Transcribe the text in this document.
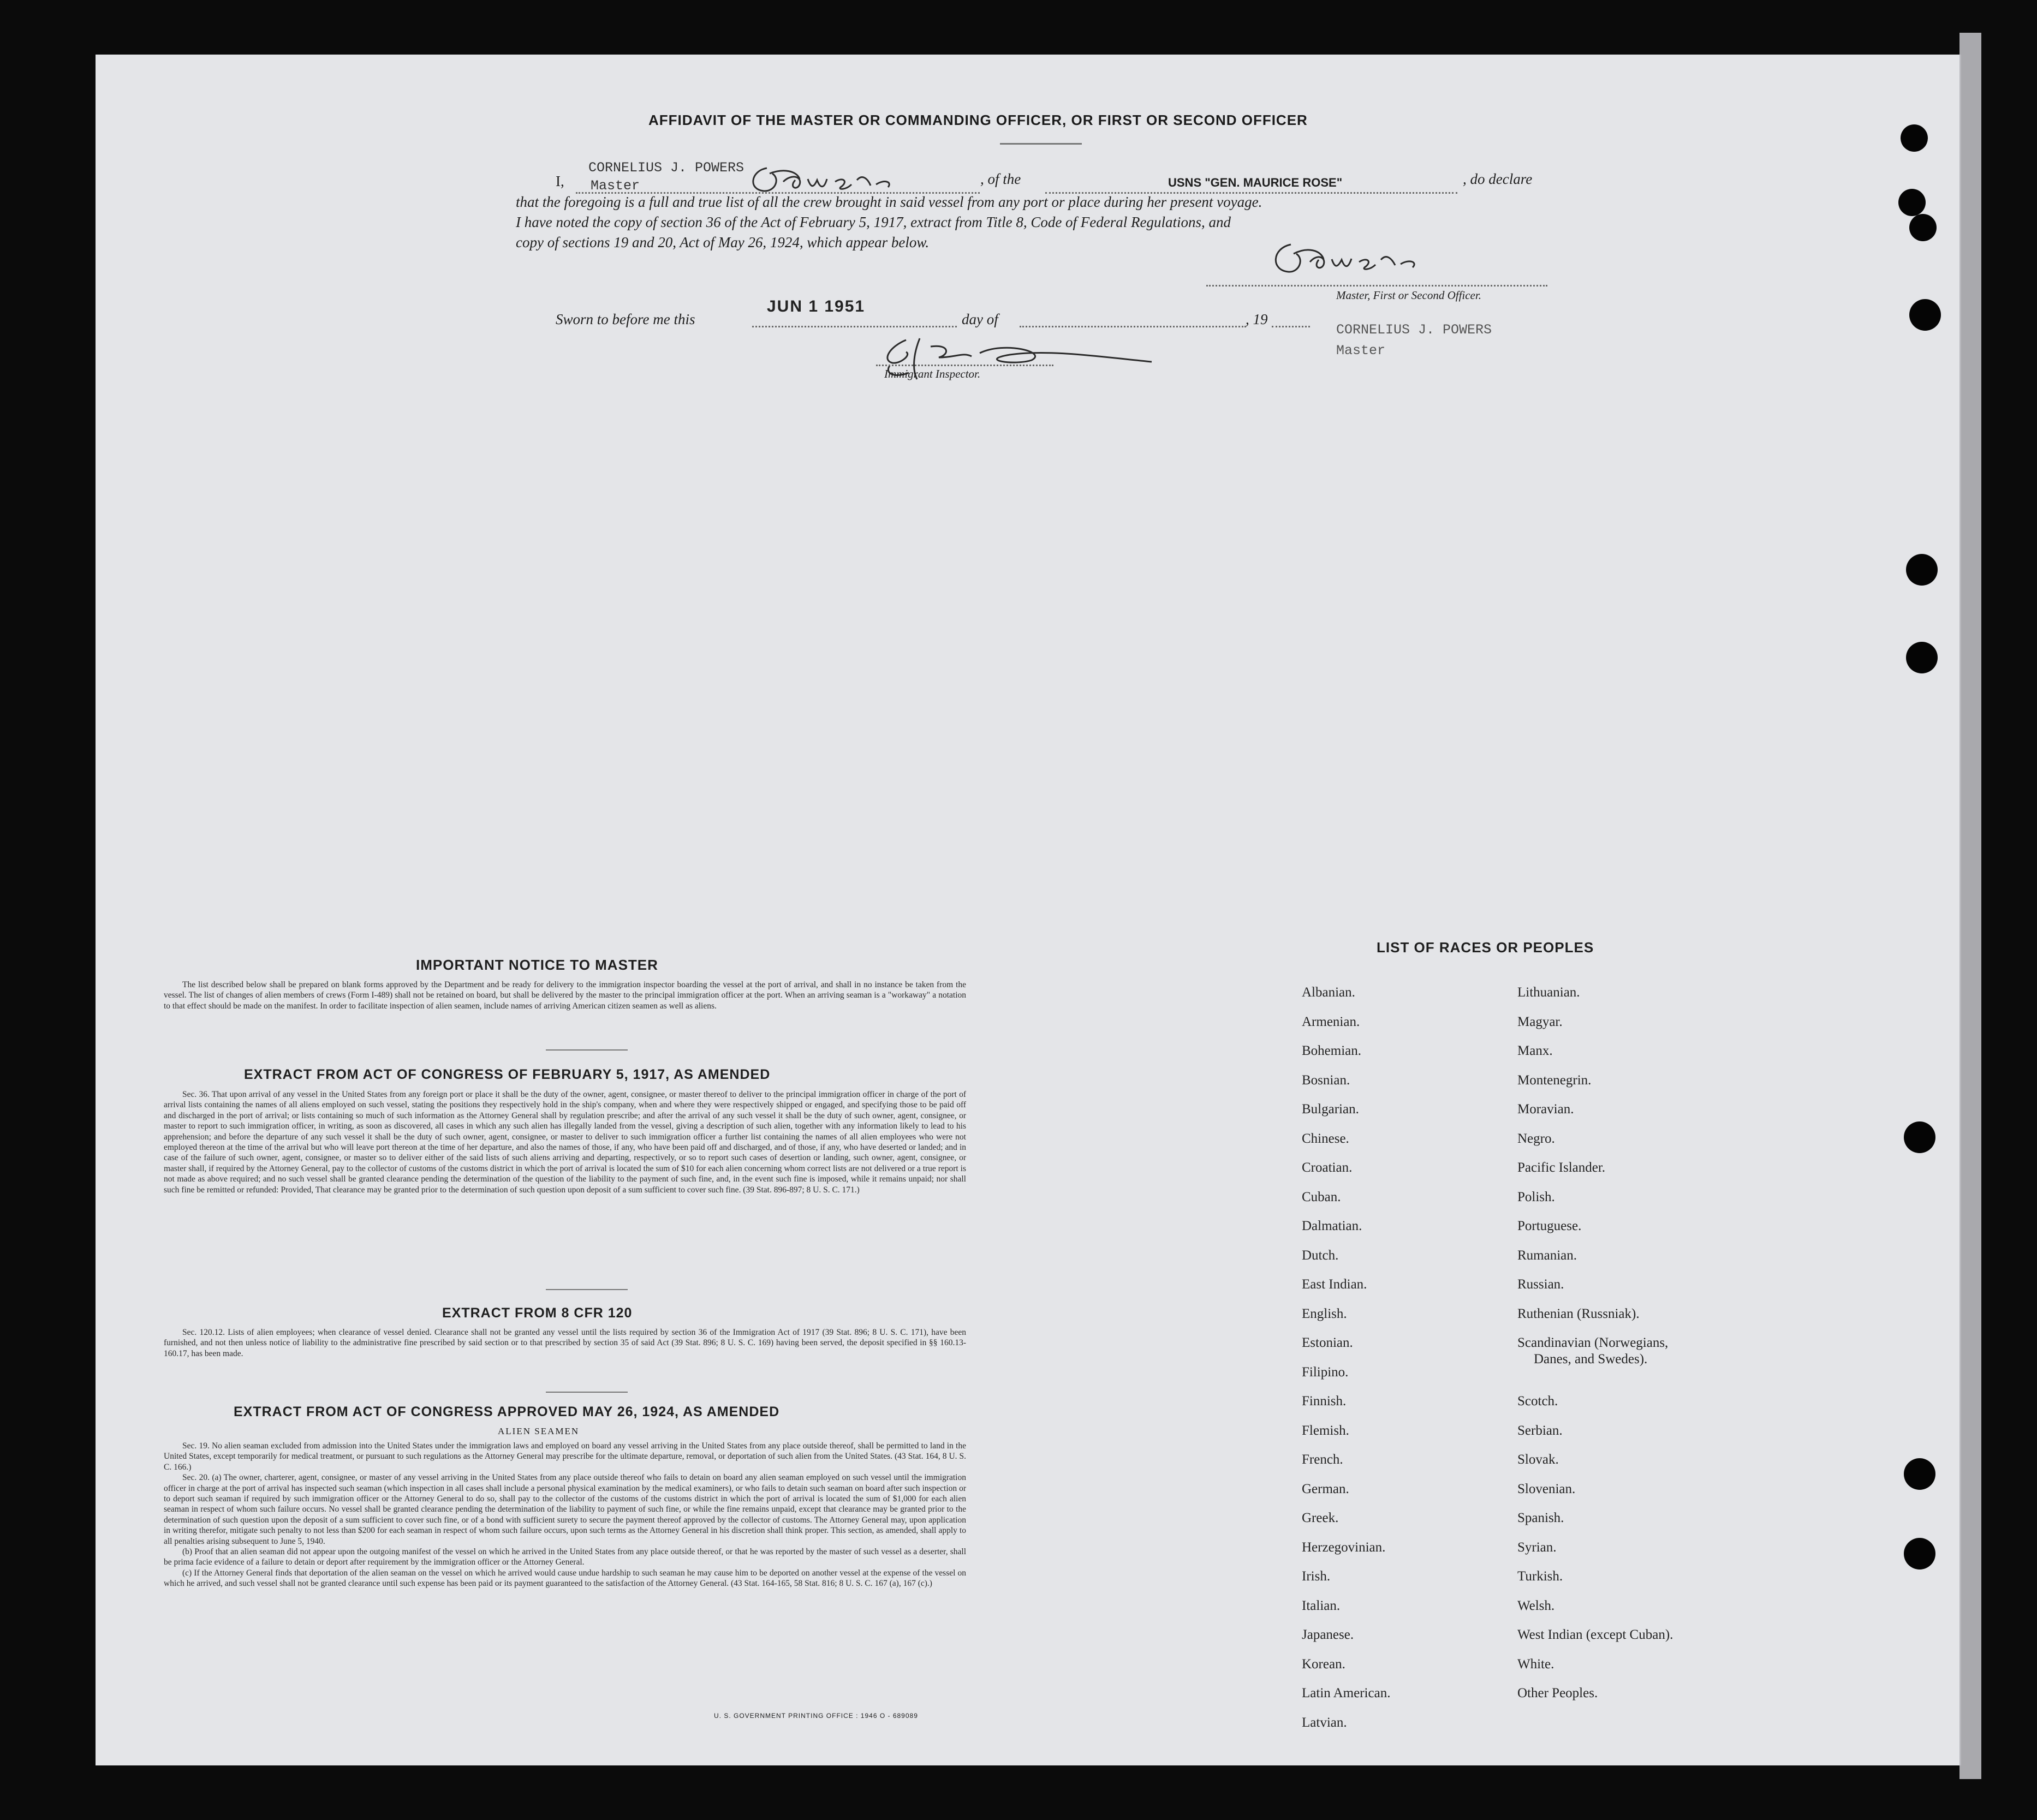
AFFIDAVIT OF THE MASTER OR COMMANDING OFFICER, OR FIRST OR SECOND OFFICER
I,
CORNELIUS J. POWERS
Master	, of the	USNS "GEN. MAURICE ROSE"	, do declare
that the foregoing is a full and true list of all the crew brought in said vessel from any port or place during her present voyage.
I have noted the copy of section 36 of the Act of February 5, 1917, extract from Title 8, Code of Federal Regulations, and
copy of sections 19 and 20, Act of May 26, 1924, which appear below.
Master, First or Second Officer.
Sworn to before me this
JUN 1 1951
day of	, 19
CORNELIUS J. POWERS
Master
Immigrant Inspector.
IMPORTANT NOTICE TO MASTER

The list described below shall be prepared on blank forms approved by the Department and be ready for delivery to the immigration inspector boarding the vessel at the port of arrival, and shall in no instance be taken from the vessel. The list of changes of alien members of crews (Form I-489) shall not be retained on board, but shall be delivered by the master to the principal immigration officer at the port. When an arriving seaman is a "workaway" a notation to that effect should be made on the manifest. In order to facilitate inspection of alien seamen, include names of arriving American citizen seamen as well as aliens.

EXTRACT FROM ACT OF CONGRESS OF FEBRUARY 5, 1917, AS AMENDED

Sec. 36. That upon arrival of any vessel in the United States from any foreign port or place it shall be the duty of the owner, agent, consignee, or master thereof to deliver to the principal immigration officer in charge of the port of arrival lists containing the names of all aliens employed on such vessel, stating the positions they respectively hold in the ship's company, when and where they were respectively shipped or engaged, and specifying those to be paid off and discharged in the port of arrival; or lists containing so much of such information as the Attorney General shall by regulation prescribe; and after the arrival of any such vessel it shall be the duty of such owner, agent, consignee, or master to report to such immigration officer, in writing, as soon as discovered, all cases in which any such alien has illegally landed from the vessel, giving a description of such alien, together with any information likely to lead to his apprehension; and before the departure of any such vessel it shall be the duty of such owner, agent, consignee, or master to deliver to such immigration officer a further list containing the names of all alien employees who were not employed thereon at the time of the arrival but who will leave port thereon at the time of her departure, and also the names of those, if any, who have been paid off and discharged, and of those, if any, who have deserted or landed; and in case of the failure of such owner, agent, consignee, or master so to deliver either of the said lists of such aliens arriving and departing, respectively, or so to report such cases of desertion or landing, such owner, agent, consignee, or master shall, if required by the Attorney General, pay to the collector of customs of the customs district in which the port of arrival is located the sum of $10 for each alien concerning whom correct lists are not delivered or a true report is not made as above required; and no such vessel shall be granted clearance pending the determination of the question of the liability to the payment of such fine, and, in the event such fine is imposed, while it remains unpaid; nor shall such fine be remitted or refunded: Provided, That clearance may be granted prior to the determination of such question upon deposit of a sum sufficient to cover such fine. (39 Stat. 896-897; 8 U. S. C. 171.)

EXTRACT FROM 8 CFR 120

Sec. 120.12. Lists of alien employees; when clearance of vessel denied. Clearance shall not be granted any vessel until the lists required by section 36 of the Immigration Act of 1917 (39 Stat. 896; 8 U. S. C. 171), have been furnished, and not then unless notice of liability to the administrative fine prescribed by said section or to that prescribed by section 35 of said Act (39 Stat. 896; 8 U. S. C. 169) having been served, the deposit specified in §§ 160.13-160.17, has been made.

EXTRACT FROM ACT OF CONGRESS APPROVED MAY 26, 1924, AS AMENDED
ALIEN SEAMEN

Sec. 19. No alien seaman excluded from admission into the United States under the immigration laws and employed on board any vessel arriving in the United States from any place outside thereof, shall be permitted to land in the United States, except temporarily for medical treatment, or pursuant to such regulations as the Attorney General may prescribe for the ultimate departure, removal, or deportation of such alien from the United States. (43 Stat. 164, 8 U. S. C. 166.)

Sec. 20. (a) The owner, charterer, agent, consignee, or master of any vessel arriving in the United States from any place outside thereof who fails to detain on board any alien seaman employed on such vessel until the immigration officer in charge at the port of arrival has inspected such seaman (which inspection in all cases shall include a personal physical examination by the medical examiners), or who fails to detain such seaman on board after such inspection or to deport such seaman if required by such immigration officer or the Attorney General to do so, shall pay to the collector of the customs of the customs district in which the port of arrival is located the sum of $1,000 for each alien seaman in respect of whom such failure occurs. No vessel shall be granted clearance pending the determination of the liability to payment of such fine, or while the fine remains unpaid, except that clearance may be granted prior to the determination of such question upon the deposit of a sum sufficient to cover such fine, or of a bond with sufficient surety to secure the payment thereof approved by the collector of customs. The Attorney General may, upon application in writing therefor, mitigate such penalty to not less than $200 for each seaman in respect of whom such failure occurs, upon such terms as the Attorney General in his discretion shall think proper. This section, as amended, shall apply to all penalties arising subsequent to June 5, 1940.

(b) Proof that an alien seaman did not appear upon the outgoing manifest of the vessel on which he arrived in the United States from any place outside thereof, or that he was reported by the master of such vessel as a deserter, shall be prima facie evidence of a failure to detain or deport after requirement by the immigration officer or the Attorney General.

(c) If the Attorney General finds that deportation of the alien seaman on the vessel on which he arrived would cause undue hardship to such seaman he may cause him to be deported on another vessel at the expense of the vessel on which he arrived, and such vessel shall not be granted clearance until such expense has been paid or its payment guaranteed to the satisfaction of the Attorney General. (43 Stat. 164-165, 58 Stat. 816; 8 U. S. C. 167 (a), 167 (c).)

U. S. GOVERNMENT PRINTING OFFICE : 1946 O - 689089
LIST OF RACES OR PEOPLES
Albanian.
Armenian.
Bohemian.
Bosnian.
Bulgarian.
Chinese.
Croatian.
Cuban.
Dalmatian.
Dutch.
East Indian.
English.
Estonian.
Filipino.
Finnish.
Flemish.
French.
German.
Greek.
Herzegovinian.
Irish.
Italian.
Japanese.
Korean.
Latin American.
Latvian.
Lithuanian.
Magyar.
Manx.
Montenegrin.
Moravian.
Negro.
Pacific Islander.
Polish.
Portuguese.
Rumanian.
Russian.
Ruthenian (Russniak).
Scandinavian (Norwegians,
Danes, and Swedes).
Scotch.
Serbian.
Slovak.
Slovenian.
Spanish.
Syrian.
Turkish.
Welsh.
West Indian (except Cuban).
White.
Other Peoples.
